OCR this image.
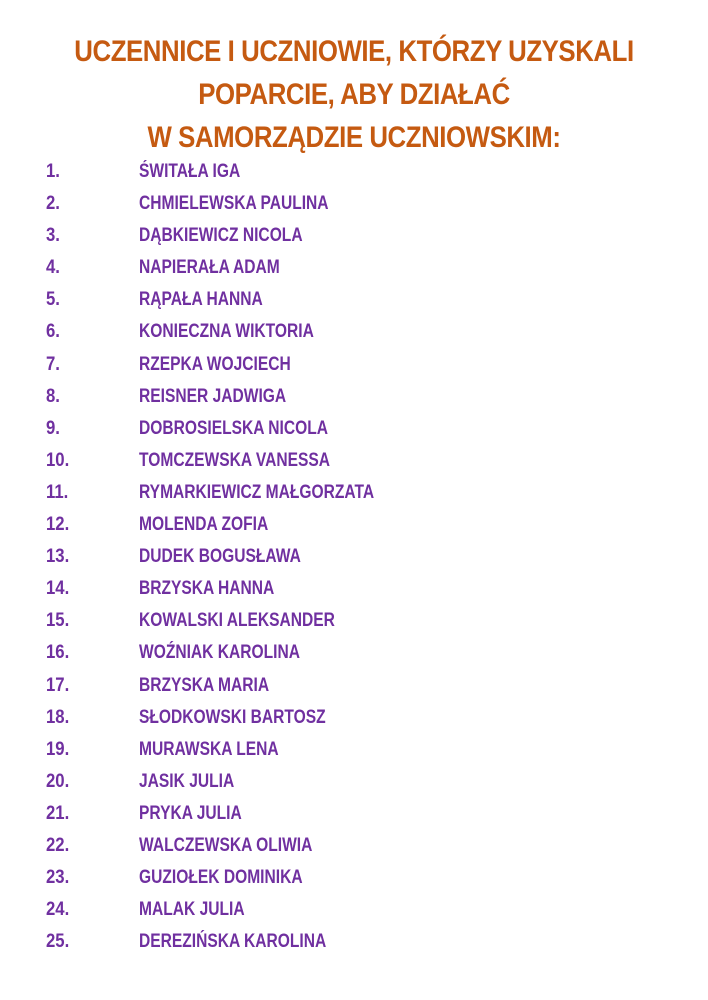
UCZENNICE I UCZNIOWIE, KTÓRZY UZYSKALI
POPARCIE, ABY DZIAŁAĆ
W SAMORZĄDZIE UCZNIOWSKIM:
1.	ŚWITAŁA IGA
2.	CHMIELEWSKA PAULINA
3.	DĄBKIEWICZ NICOLA
4.	NAPIERAŁA ADAM
5.	RĄPAŁA HANNA
6.	KONIECZNA WIKTORIA
7.	RZEPKA WOJCIECH
8.	REISNER JADWIGA
9.	DOBROSIELSKA NICOLA
10.	TOMCZEWSKA VANESSA
11.	RYMARKIEWICZ MAŁGORZATA
12.	MOLENDA ZOFIA
13.	DUDEK BOGUSŁAWA
14.	BRZYSKA HANNA
15.	KOWALSKI ALEKSANDER
16.	WOŹNIAK KAROLINA
17.	BRZYSKA MARIA
18.	SŁODKOWSKI BARTOSZ
19.	MURAWSKA LENA
20.	JASIK JULIA
21.	PRYKA JULIA
22.	WALCZEWSKA OLIWIA
23.	GUZIOŁEK DOMINIKA
24.	MALAK JULIA
25.	DEREZIŃSKA KAROLINA
